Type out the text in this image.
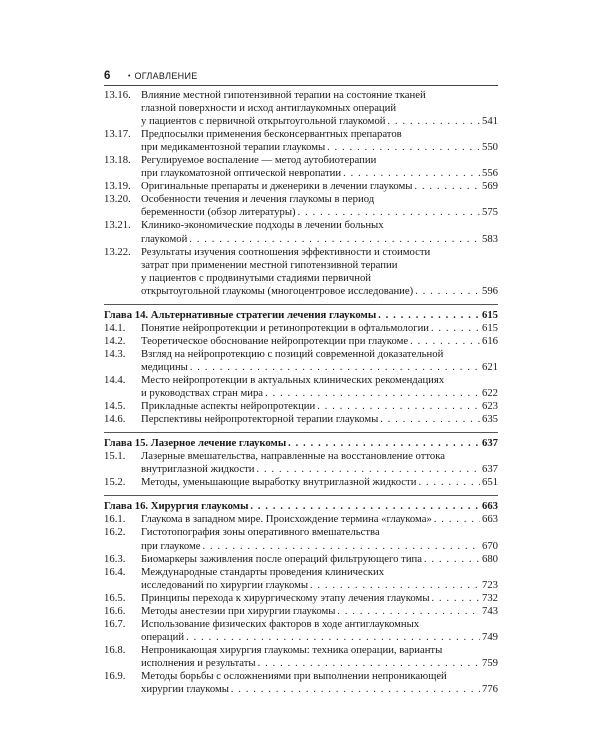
6	• ОГЛАВЛЕНИЕ
13.16. Влияние местной гипотензивной терапии на состояние тканей
глазной поверхности и исход антиглаукомных операций
у пациентов с первичной открытоугольной глаукомой . . .	541
13.17. Предпосылки применения бесконсервантных препаратов
при медикаментозной терапии глаукомы . . .	550
13.18. Регулируемое воспаление — метод аутобиотерапии
при глаукоматозной оптической невропатии . . .	556
13.19. Оригинальные препараты и дженерики в лечении глаукомы . . .	569
13.20. Особенности течения и лечения глаукомы в период
беременности (обзор литературы) . . .	575
13.21. Клинико-экономические подходы в лечении больных
глаукомой . . .	583
13.22. Результаты изучения соотношения эффективности и стоимости
затрат при применении местной гипотензивной терапии
у пациентов с продвинутыми стадиями первичной
открытоугольной глаукомы (многоцентровое исследование) . . .	596
Глава 14. Альтернативные стратегии лечения глаукомы . . .	615
14.1.	Понятие нейропротекции и ретинопротекции в офтальмологии . . .	615
14.2.	Теоретическое обоснование нейропротекции при глаукоме . . .	616
14.3.	Взгляд на нейропротекцию с позиций современной доказательной
медицины . . .	621
14.4.	Место нейропротекции в актуальных клинических рекомендациях
и руководствах стран мира . . .	622
14.5.	Прикладные аспекты нейропротекции . . .	623
14.6.	Перспективы нейропротекторной терапии глаукомы . . .	635
Глава 15. Лазерное лечение глаукомы . . .	637
15.1.	Лазерные вмешательства, направленные на восстановление оттока
внутриглазной жидкости . . .	637
15.2.	Методы, уменьшающие выработку внутриглазной жидкости . . .	651
Глава 16. Хирургия глаукомы . . .	663
16.1.	Глаукома в западном мире. Происхождение термина «глаукома» . . .	663
16.2.	Гистотопография зоны оперативного вмешательства
при глаукоме . . .	670
16.3.	Биомаркеры заживления после операций фильтрующего типа . . .	680
16.4.	Международные стандарты проведения клинических
исследований по хирургии глаукомы . . .	723
16.5.	Принципы перехода к хирургическому этапу лечения глаукомы . . .	732
16.6.	Методы анестезии при хирургии глаукомы . . .	743
16.7.	Использование физических факторов в ходе антиглаукомных
операций . . .	749
16.8.	Непроникающая хирургия глаукомы: техника операции, варианты
исполнения и результаты . . .	759
16.9.	Методы борьбы с осложнениями при выполнении непроникающей
хирургии глаукомы . . .	776
